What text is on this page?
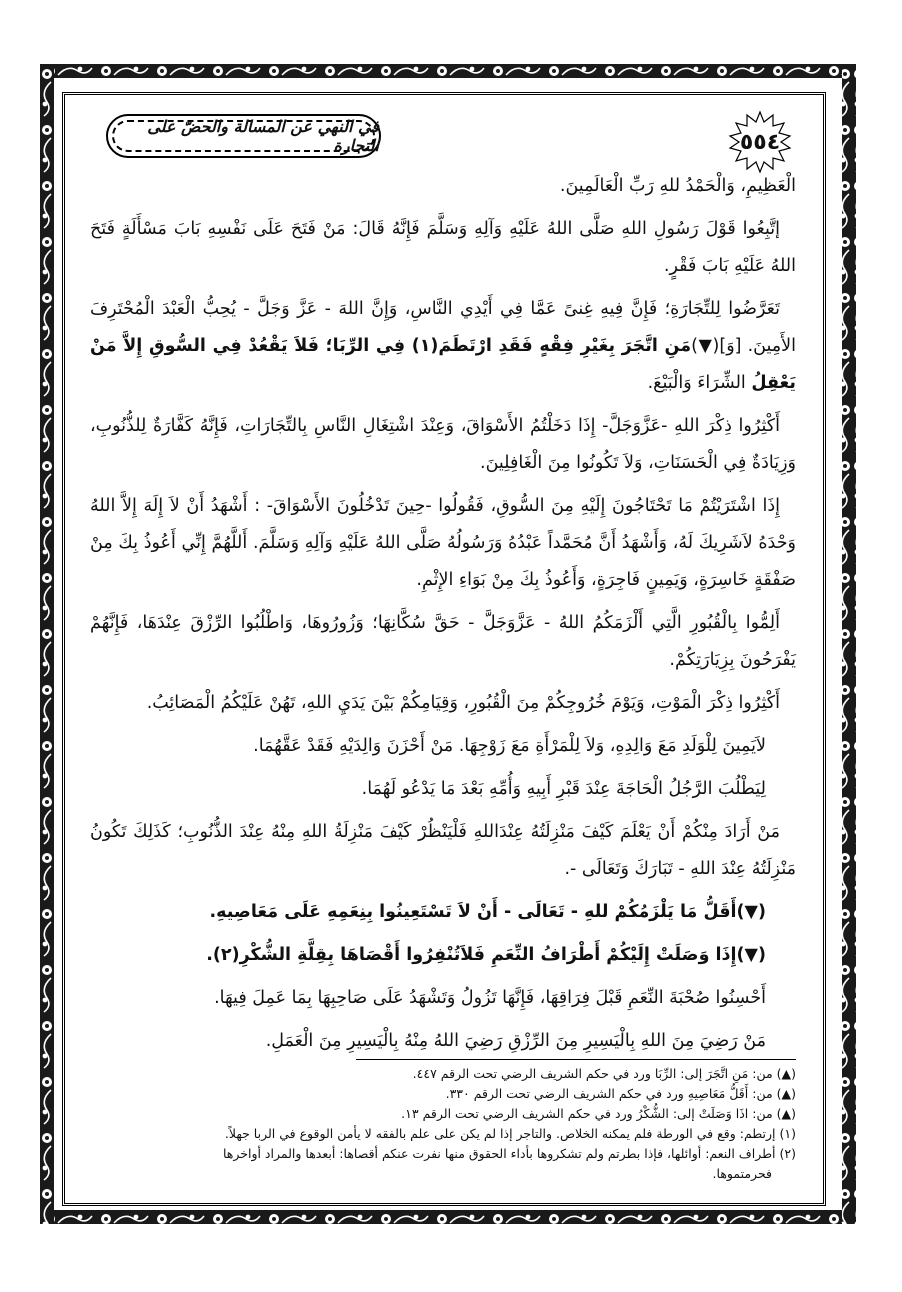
٥٥٤
في النهي عن المسالة والحضّ على التجارة

الْعَظِيمِ، وَالْحَمْدُ للهِ رَبِّ الْعَالَمِينَ.

إتَّبِعُوا قَوْلَ رَسُولِ اللهِ صَلَّى اللهُ عَلَيْهِ وَآلِهِ وَسَلَّمَ فَإِنَّهُ قَالَ: مَنْ فَتَحَ عَلَى نَفْسِهِ بَابَ مَسْأَلَةٍ فَتَحَ اللهُ عَلَيْهِ بَابَ فَقْرٍ.

تَعَرَّضُوا لِلتِّجَارَةِ؛ فَإِنَّ فِيهِ غِنىً عَمَّا فِي أَيْدِي النَّاسِ، وَإِنَّ اللهَ - عَزَّ وَجَلَّ - يُحِبُّ الْعَبْدَ الْمُحْتَرِفَ الأَمِينَ. [وَ](▼)مَنِ اتَّجَرَ بِغَيْرِ فِقْهٍ فَقَدِ ارْتَطَمَ(١) فِي الرِّبَا؛ فَلاَ يَقْعُدْ فِي السُّوقِ إِلاَّ مَنْ يَعْقِلُ الشِّرَاءَ وَالْبَيْعَ.

أَكْثِرُوا ذِكْرَ اللهِ -عَزَّوَجَلَّ- إِذَا دَخَلْتُمُ الأَسْوَاقَ، وَعِنْدَ اشْتِغَالِ النَّاسِ بِالتِّجَارَاتِ، فَإِنَّهُ كَفَّارَةٌ لِلذُّنُوبِ، وَزِيَادَةٌ فِي الْحَسَنَاتِ، وَلاَ تَكُونُوا مِنَ الْغَافِلِينَ.

إِذَا اشْتَرَيْتُمْ مَا تَحْتَاجُونَ إِلَيْهِ مِنَ السُّوقِ، فَقُولُوا -حِينَ تَدْخُلُونَ الأَسْوَاقَ- : أَشْهَدُ أَنْ لاَ إِلَهَ إِلاَّ اللهُ وَحْدَهُ لاَشَرِيكَ لَهُ، وَأَشْهَدُ أَنَّ مُحَمَّداً عَبْدُهُ وَرَسُولُهُ صَلَّى اللهُ عَلَيْهِ وَآلِهِ وَسَلَّمَ. أَللَّهُمَّ إِنِّي أَعُوذُ بِكَ مِنْ صَفْقَةٍ خَاسِرَةٍ، وَيَمِينٍ فَاجِرَةٍ، وَأَعُوذُ بِكَ مِنْ بَوَاءِ الإِثْمِ.

أَلِمُّوا بِالْقُبُورِ الَّتِي أَلْزَمَكُمُ اللهُ - عَزَّوَجَلَّ - حَقَّ سُكَّانِهَا؛ وَزُورُوهَا، وَاطْلُبُوا الرِّزْقَ عِنْدَهَا، فَإِنَّهُمْ يَفْرَحُونَ بِزِيَارَتِكُمْ.

أَكْثِرُوا ذِكْرَ الْمَوْتِ، وَيَوْمَ خُرُوجِكُمْ مِنَ الْقُبُورِ، وَقِيَامِكُمْ بَيْنَ يَدَيِ اللهِ، تَهُنْ عَلَيْكُمُ الْمَصَائِبُ.

لاَيَمِينَ لِلْوَلَدِ مَعَ وَالِدِهِ، وَلاَ لِلْمَرْأَةِ مَعَ زَوْجِهَا. مَنْ أَحْزَنَ وَالِدَيْهِ فَقَدْ عَقَّهُمَا.

لِيَطْلُبَ الرَّجُلُ الْحَاجَةَ عِنْدَ قَبْرِ أَبِيهِ وَأُمِّهِ بَعْدَ مَا يَدْعُو لَهُمَا.

مَنْ أَرَادَ مِنْكُمْ أَنْ يَعْلَمَ كَيْفَ مَنْزِلَتُهُ عِنْدَاللهِ فَلْيَنْظُرْ كَيْفَ مَنْزِلَةُ اللهِ مِنْهُ عِنْدَ الذُّنُوبِ؛ كَذَلِكَ تَكُونُ مَنْزِلَتُهُ عِنْدَ اللهِ - تَبَارَكَ وَتَعَالَى -.

(▼)أَقَلُّ مَا يَلْزَمُكُمْ للهِ - تَعَالَى - أَنْ لاَ تَسْتَعِينُوا بِنِعَمِهِ عَلَى مَعَاصِيهِ.

(▼)إِذَا وَصَلَتْ إِلَيْكُمْ أَطْرَافُ النِّعَمِ فَلاَتُنْفِرُوا أَقْصَاهَا بِقِلَّةِ الشُّكْرِ(٢).

أَحْسِنُوا صُحْبَةَ النِّعَمِ قَبْلَ فِرَاقِهَا، فَإِنَّهَا تَزُولُ وَتَشْهَدُ عَلَى صَاحِبِهَا بِمَا عَمِلَ فِيهَا.

مَنْ رَضِيَ مِنَ اللهِ بِالْيَسِيرِ مِنَ الرِّزْقِ رَضِيَ اللهُ مِنْهُ بِالْيَسِيرِ مِنَ الْعَمَلِ.

(▲) من: مَنِ اتَّجَرَ إلى: الرِّبَا ورد في حكم الشريف الرضي تحت الرقم ٤٤٧.

(▲) من: أَقَلُّ مَعَاصِيهِ ورد في حكم الشريف الرضي تحت الرقم ٣٣٠.

(▲) من: اذَا وَصَلَتْ إلى: الشُّكْرُ ورد في حكم الشريف الرضي تحت الرقم ١٣.

(١) إرتطم: وقع في الورطة فلم يمكنه الخلاص. والتاجر إذا لم يكن على علم بالفقه لا يأمن الوقوع في الربا جهلاً.

(٢) أطراف النعم: أوائلها، فإذا بطرتم ولم تشكروها بأداء الحقوق منها نفرت عنكم أقصاها: أبعدها والمراد أواخرها

فحرمتموها.
